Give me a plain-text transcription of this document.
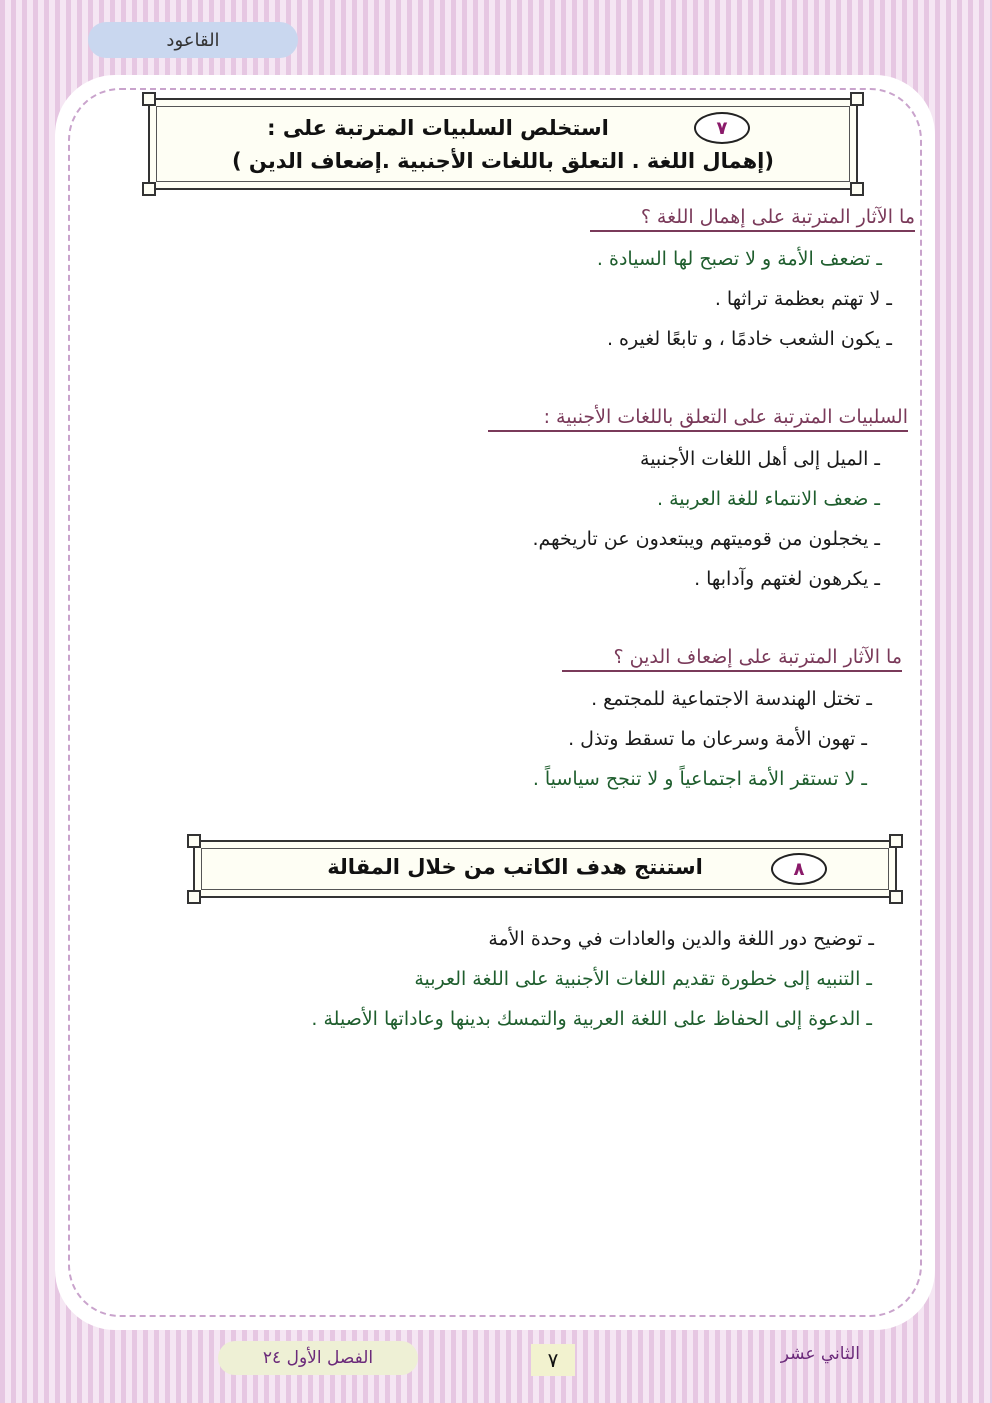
القاعود
استخلص السلبيات المترتبة على :
(إهمال اللغة . التعلق باللغات الأجنبية .إضعاف الدين )
٧
ما الآثار المترتبة على إهمال اللغة ؟
ـ تضعف الأمة و لا تصبح لها السيادة .
ـ لا تهتم بعظمة تراثها .
ـ يكون الشعب خادمًا ، و تابعًا لغيره .
السلبيات المترتبة على التعلق باللغات الأجنبية :
ـ الميل إلى أهل اللغات الأجنبية
ـ ضعف الانتماء للغة العربية .
ـ يخجلون من قوميتهم ويبتعدون عن تاريخهم.
ـ يكرهون لغتهم وآدابها .
ما الآثار المترتبة على إضعاف الدين ؟
ـ تختل الهندسة الاجتماعية للمجتمع .
ـ تهون الأمة وسرعان ما تسقط وتذل .
ـ لا تستقر الأمة اجتماعياً و لا تنجح سياسياً .
استنتج هدف الكاتب من خلال المقالة	٨
ـ توضيح دور اللغة والدين والعادات في وحدة الأمة
ـ التنبيه إلى خطورة تقديم اللغات الأجنبية على اللغة العربية
ـ الدعوة إلى الحفاظ على اللغة العربية والتمسك بدينها وعاداتها الأصيلة .
الفصل الأول ٢٤	٧	الثاني عشر
